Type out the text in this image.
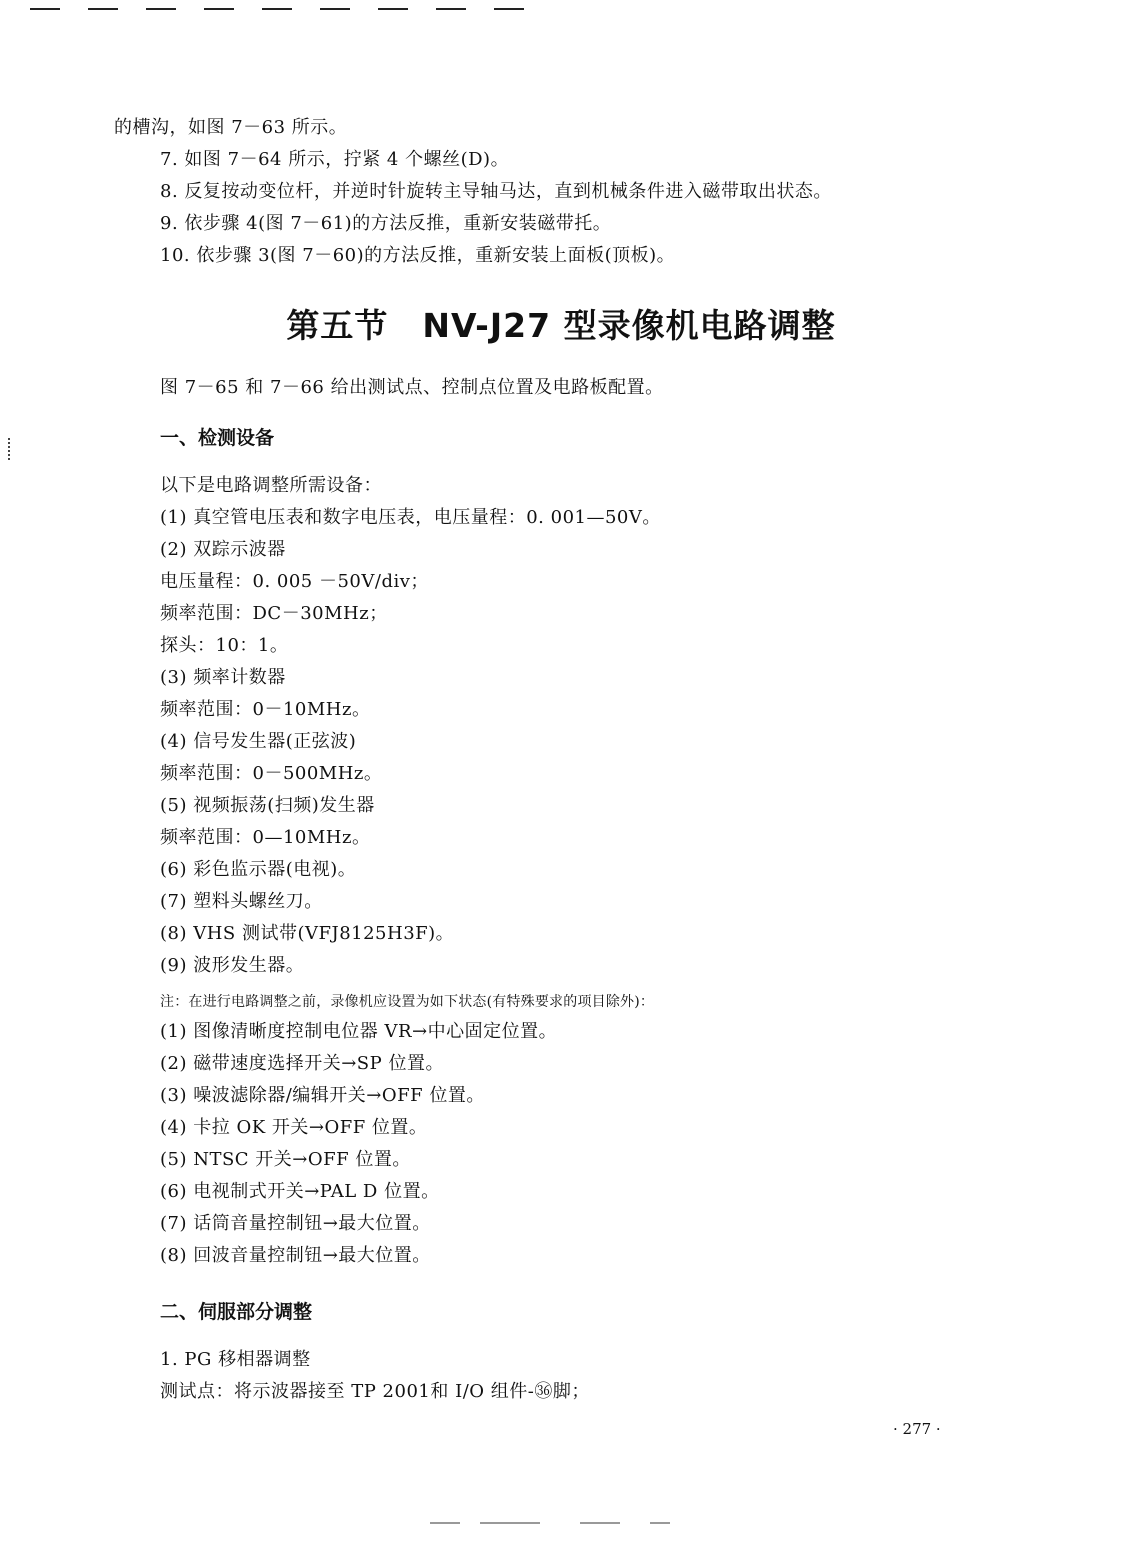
的槽沟，如图 7－63 所示。
7. 如图 7－64 所示，拧紧 4 个螺丝(D)。
8. 反复按动变位杆，并逆时针旋转主导轴马达，直到机械条件进入磁带取出状态。
9. 依步骤 4(图 7－61)的方法反推，重新安装磁带托。
10. 依步骤 3(图 7－60)的方法反推，重新安装上面板(顶板)。
第五节　NV-J27 型录像机电路调整
图 7－65 和 7－66 给出测试点、控制点位置及电路板配置。
一、检测设备
以下是电路调整所需设备：
(1) 真空管电压表和数字电压表，电压量程：0. 001—50V。
(2) 双踪示波器
电压量程：0. 005 －50V/div；
频率范围：DC－30MHz；
探头：10：1。
(3) 频率计数器
频率范围：0－10MHz。
(4) 信号发生器(正弦波)
频率范围：0－500MHz。
(5) 视频振荡(扫频)发生器
频率范围：0—10MHz。
(6) 彩色监示器(电视)。
(7) 塑料头螺丝刀。
(8) VHS 测试带(VFJ8125H3F)。
(9) 波形发生器。
注：在进行电路调整之前，录像机应设置为如下状态(有特殊要求的项目除外)：
(1) 图像清晰度控制电位器 VR→中心固定位置。
(2) 磁带速度选择开关→SP 位置。
(3) 噪波滤除器/编辑开关→OFF 位置。
(4) 卡拉 OK 开关→OFF 位置。
(5) NTSC 开关→OFF 位置。
(6) 电视制式开关→PAL D 位置。
(7) 话筒音量控制钮→最大位置。
(8) 回波音量控制钮→最大位置。
二、伺服部分调整
1. PG 移相器调整
测试点：将示波器接至 TP 2001和 I/O 组件-㊱脚；
· 277 ·
